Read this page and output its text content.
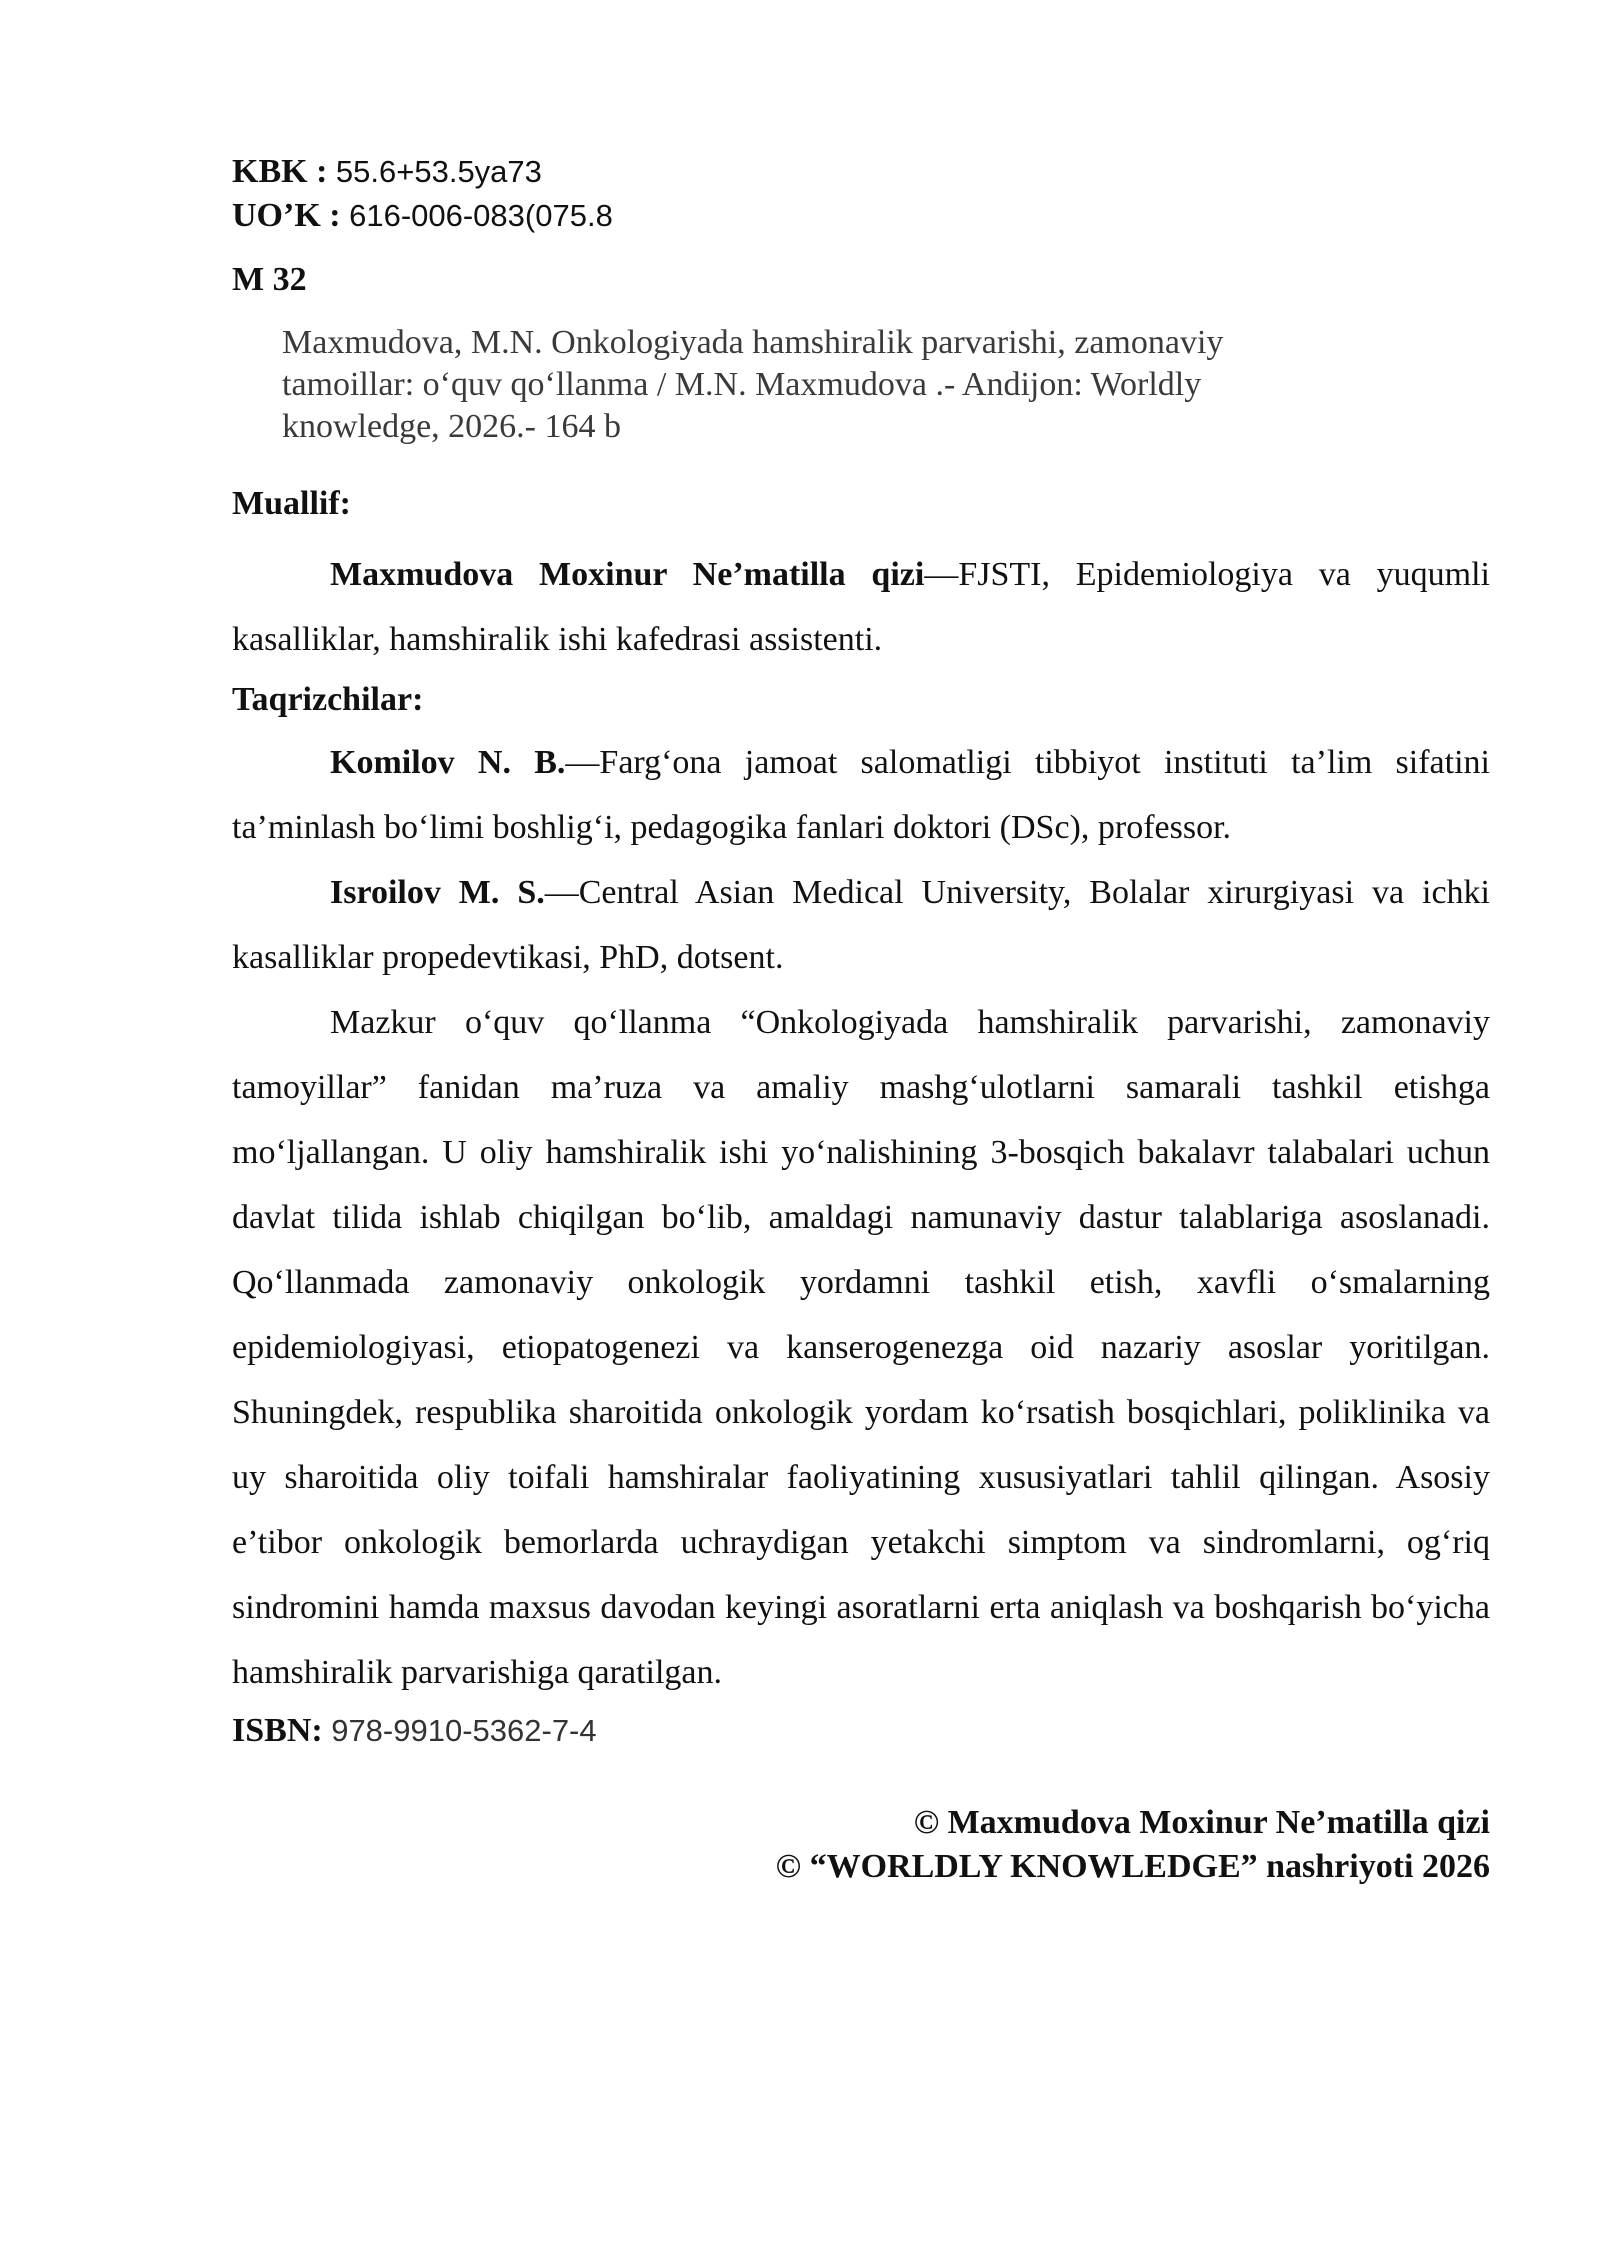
KBK : 55.6+53.5ya73
UO’K : 616-006-083(075.8
M 32
Maxmudova, M.N. Onkologiyada hamshiralik parvarishi, zamonaviy tamoillar: o‘quv qo‘llanma / M.N. Maxmudova .- Andijon: Worldly knowledge, 2026.- 164 b
Muallif:

Maxmudova Moxinur Ne’matilla qizi—FJSTI, Epidemiologiya va yuqumli kasalliklar, hamshiralik ishi kafedrasi assistenti.

Taqrizchilar:

Komilov N. B.—Farg‘ona jamoat salomatligi tibbiyot instituti ta’lim sifatini ta’minlash bo‘limi boshlig‘i, pedagogika fanlari doktori (DSc), professor.

Isroilov M. S.—Central Asian Medical University, Bolalar xirurgiyasi va ichki kasalliklar propedevtikasi, PhD, dotsent.

Mazkur o‘quv qo‘llanma “Onkologiyada hamshiralik parvarishi, zamonaviy tamoyillar” fanidan ma’ruza va amaliy mashg‘ulotlarni samarali tashkil etishga mo‘ljallangan. U oliy hamshiralik ishi yo‘nalishining 3-bosqich bakalavr talabalari uchun davlat tilida ishlab chiqilgan bo‘lib, amaldagi namunaviy dastur talablariga asoslanadi. Qo‘llanmada zamonaviy onkologik yordamni tashkil etish, xavfli o‘smalarning epidemiologiyasi, etiopatogenezi va kanserogenezga oid nazariy asoslar yoritilgan. Shuningdek, respublika sharoitida onkologik yordam ko‘rsatish bosqichlari, poliklinika va uy sharoitida oliy toifali hamshiralar faoliyatining xususiyatlari tahlil qilingan. Asosiy e’tibor onkologik bemorlarda uchraydigan yetakchi simptom va sindromlarni, og‘riq sindromini hamda maxsus davodan keyingi asoratlarni erta aniqlash va boshqarish bo‘yicha hamshiralik parvarishiga qaratilgan.

ISBN: 978-9910-5362-7-4
© Maxmudova Moxinur Ne’matilla qizi
© “WORLDLY KNOWLEDGE” nashriyoti 2026
